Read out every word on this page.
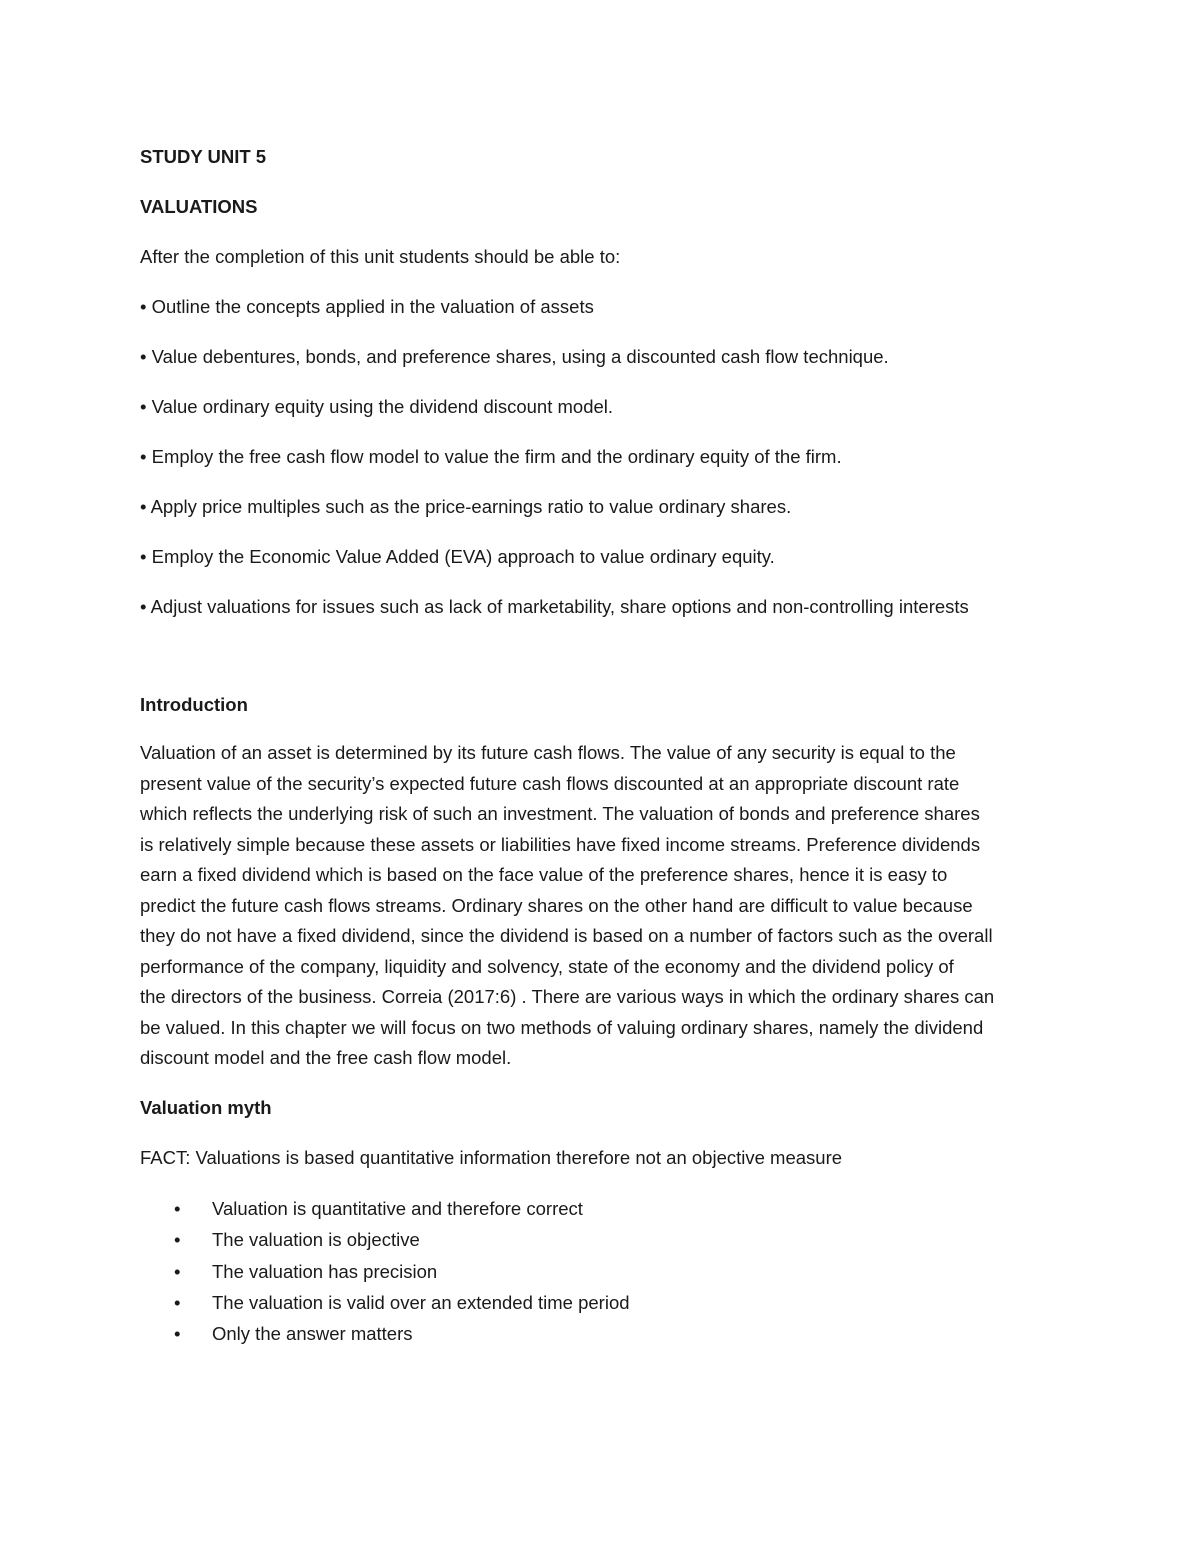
STUDY UNIT 5
VALUATIONS
After the completion of this unit students should be able to:
• Outline the concepts applied in the valuation of assets
• Value debentures, bonds, and preference shares, using a discounted cash flow technique.
• Value ordinary equity using the dividend discount model.
• Employ the free cash flow model to value the firm and the ordinary equity of the firm.
• Apply price multiples such as the price-earnings ratio to value ordinary shares.
• Employ the Economic Value Added (EVA) approach to value ordinary equity.
• Adjust valuations for issues such as lack of marketability, share options and non-controlling interests
Introduction
Valuation of an asset is determined by its future cash flows. The value of any security is equal to the
present value of the security’s expected future cash flows discounted at an appropriate discount rate
which reflects the underlying risk of such an investment. The valuation of bonds and preference shares
is relatively simple because these assets or liabilities have fixed income streams. Preference dividends
earn a fixed dividend which is based on the face value of the preference shares, hence it is easy to
predict the future cash flows streams. Ordinary shares on the other hand are difficult to value because
they do not have a fixed dividend, since the dividend is based on a number of factors such as the overall
performance of the company, liquidity and solvency, state of the economy and the dividend policy of
the directors of the business. Correia (2017:6) . There are various ways in which the ordinary shares can
be valued. In this chapter we will focus on two methods of valuing ordinary shares, namely the dividend
discount model and the free cash flow model.
Valuation myth
FACT: Valuations is based quantitative information therefore not an objective measure
• Valuation is quantitative and therefore correct
• The valuation is objective
• The valuation has precision
• The valuation is valid over an extended time period
• Only the answer matters
